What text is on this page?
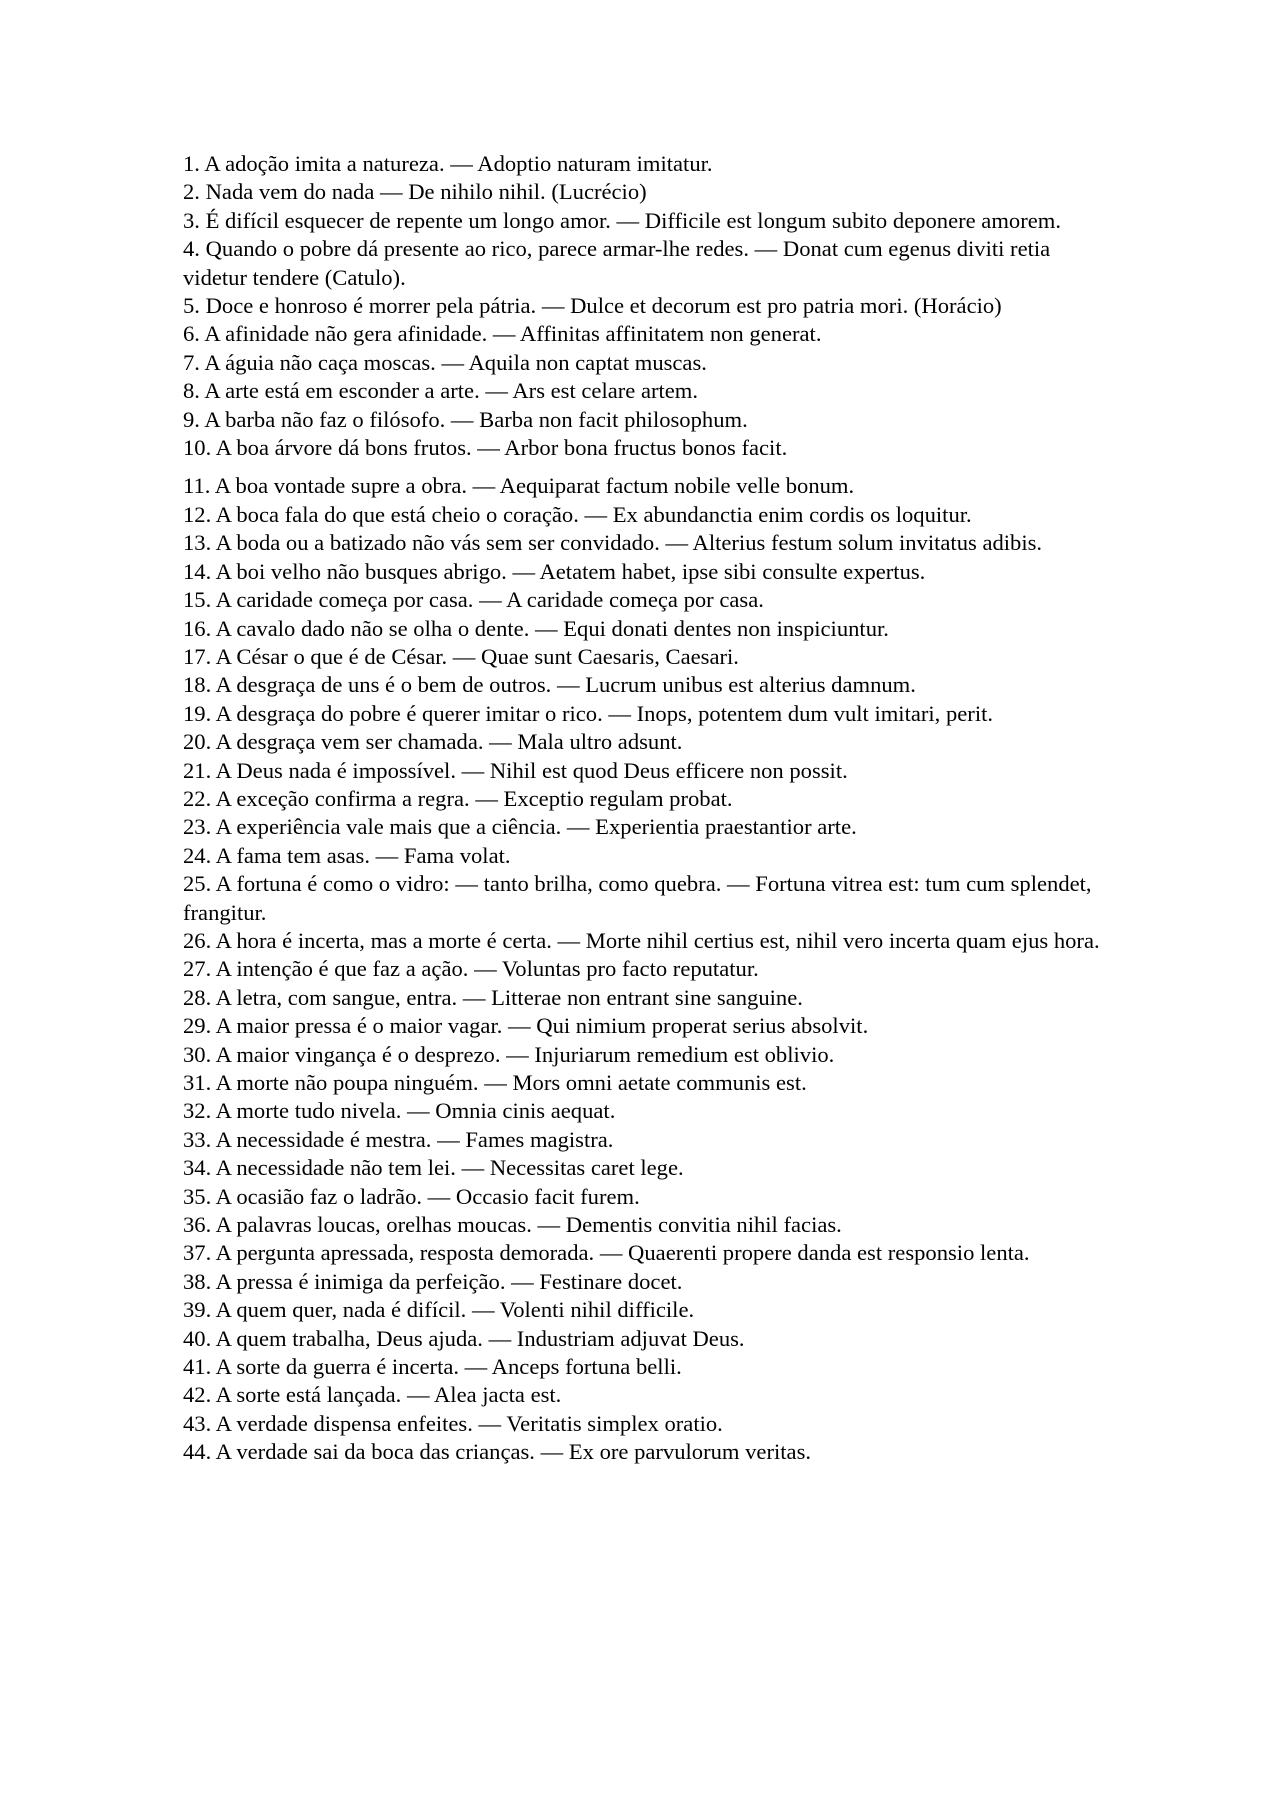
1. A adoção imita a natureza. — Adoptio naturam imitatur.

2. Nada vem do nada — De nihilo nihil. (Lucrécio)

3. É difícil esquecer de repente um longo amor. — Difficile est longum subito deponere amorem.

4. Quando o pobre dá presente ao rico, parece armar-lhe redes. — Donat cum egenus diviti retia videtur tendere (Catulo).

5. Doce e honroso é morrer pela pátria. — Dulce et decorum est pro patria mori. (Horácio)

6. A afinidade não gera afinidade. — Affinitas affinitatem non generat.

7. A águia não caça moscas. — Aquila non captat muscas.

8. A arte está em esconder a arte. — Ars est celare artem.

9. A barba não faz o filósofo. — Barba non facit philosophum.

10. A boa árvore dá bons frutos. — Arbor bona fructus bonos facit.

11. A boa vontade supre a obra. — Aequiparat factum nobile velle bonum.

12. A boca fala do que está cheio o coração. — Ex abundanctia enim cordis os loquitur.

13. A boda ou a batizado não vás sem ser convidado. — Alterius festum solum invitatus adibis.

14. A boi velho não busques abrigo. — Aetatem habet, ipse sibi consulte expertus.

15. A caridade começa por casa. — A caridade começa por casa.

16. A cavalo dado não se olha o dente. — Equi donati dentes non inspiciuntur.

17. A César o que é de César. — Quae sunt Caesaris, Caesari.

18. A desgraça de uns é o bem de outros. — Lucrum unibus est alterius damnum.

19. A desgraça do pobre é querer imitar o rico. — Inops, potentem dum vult imitari, perit.

20. A desgraça vem ser chamada. — Mala ultro adsunt.

21. A Deus nada é impossível. — Nihil est quod Deus efficere non possit.

22. A exceção confirma a regra. — Exceptio regulam probat.

23. A experiência vale mais que a ciência. — Experientia praestantior arte.

24. A fama tem asas. — Fama volat.

25. A fortuna é como o vidro: — tanto brilha, como quebra. — Fortuna vitrea est: tum cum splendet, frangitur.

26. A hora é incerta, mas a morte é certa. — Morte nihil certius est, nihil vero incerta quam ejus hora.

27. A intenção é que faz a ação. — Voluntas pro facto reputatur.

28. A letra, com sangue, entra. — Litterae non entrant sine sanguine.

29. A maior pressa é o maior vagar. — Qui nimium properat serius absolvit.

30. A maior vingança é o desprezo. — Injuriarum remedium est oblivio.

31. A morte não poupa ninguém. — Mors omni aetate communis est.

32. A morte tudo nivela. — Omnia cinis aequat.

33. A necessidade é mestra. — Fames magistra.

34. A necessidade não tem lei. — Necessitas caret lege.

35. A ocasião faz o ladrão. — Occasio facit furem.

36. A palavras loucas, orelhas moucas. — Dementis convitia nihil facias.

37. A pergunta apressada, resposta demorada. — Quaerenti propere danda est responsio lenta.

38. A pressa é inimiga da perfeição. — Festinare docet.

39. A quem quer, nada é difícil. — Volenti nihil difficile.

40. A quem trabalha, Deus ajuda. — Industriam adjuvat Deus.

41. A sorte da guerra é incerta. — Anceps fortuna belli.

42. A sorte está lançada. — Alea jacta est.

43. A verdade dispensa enfeites. — Veritatis simplex oratio.

44. A verdade sai da boca das crianças. — Ex ore parvulorum veritas.
